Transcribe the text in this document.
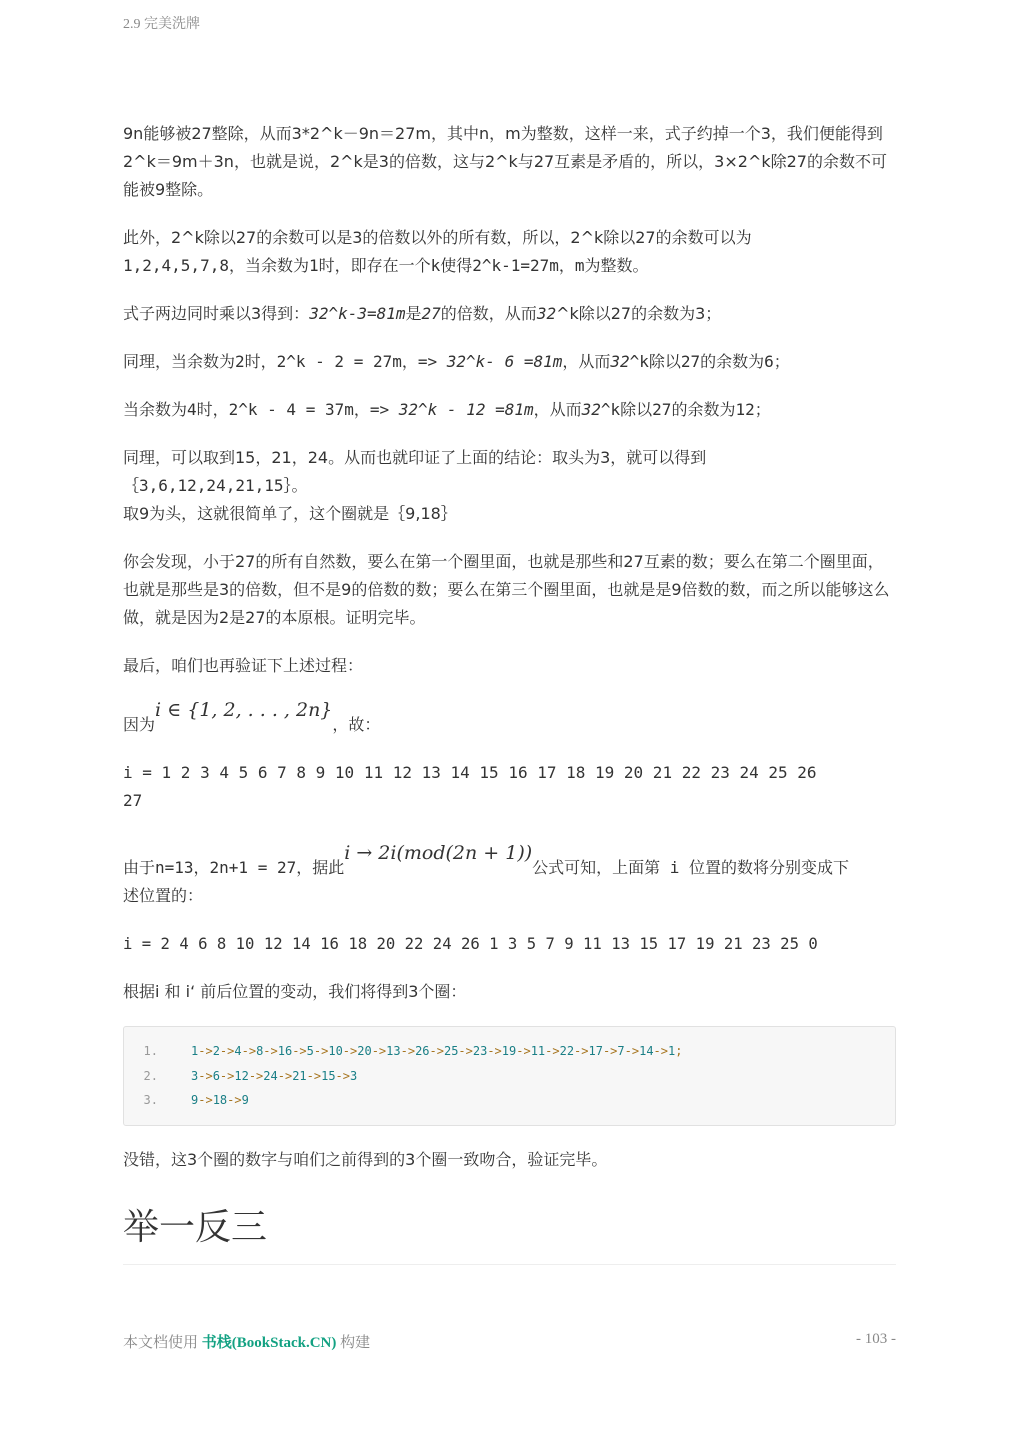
2.9 完美洗牌

9n能够被27整除，从而3*2^k－9n＝27m，其中n，m为整数，这样一来，式子约掉一个3，我们便能得到2^k＝9m＋3n，也就是说，2^k是3的倍数，这与2^k与27互素是矛盾的，所以，3×2^k除27的余数不可能被9整除。

此外，2^k除以27的余数可以是3的倍数以外的所有数，所以，2^k除以27的余数可以为
1,2,4,5,7,8，当余数为1时，即存在一个k使得2^k-1=27m，m为整数。

式子两边同时乘以3得到：32^k-3=81m是27的倍数，从而32^k除以27的余数为3；

同理，当余数为2时，2^k - 2 = 27m，=> 32^k- 6 =81m，从而32^k除以27的余数为6；

当余数为4时，2^k - 4 = 37m，=> 32^k - 12 =81m，从而32^k除以27的余数为12；

同理，可以取到15，21，24。从而也就印证了上面的结论：取头为3，就可以得到
｛3,6,12,24,21,15｝。
取9为头，这就很简单了，这个圈就是｛9,18｝

你会发现，小于27的所有自然数，要么在第一个圈里面，也就是那些和27互素的数；要么在第二个圈里面，也就是那些是3的倍数，但不是9的倍数的数；要么在第三个圈里面，也就是是9倍数的数，而之所以能够这么做，就是因为2是27的本原根。证明完毕。

最后，咱们也再验证下上述过程：

因为i ∈ {1, 2, . . . , 2n}，故：

i = 1 2 3 4 5 6 7 8 9 10 11 12 13 14 15 16 17 18 19 20 21 22 23 24 25 26
27

由于n=13，2n+1 = 27，据此i → 2i(mod(2n + 1))公式可知，上面第 i 位置的数将分别变成下
述位置的：

i = 2 4 6 8 10 12 14 16 18 20 22 24 26 1 3 5 7 9 11 13 15 17 19 21 23 25 0

根据i 和 i‘ 前后位置的变动，我们将得到3个圈：

1.	1->2->4->8->16->5->10->20->13->26->25->23->19->11->22->17->7->14->1;
2.	3->6->12->24->21->15->3
3.	9->18->9

没错，这3个圈的数字与咱们之前得到的3个圈一致吻合，验证完毕。

举一反三
本文档使用 书栈(BookStack.CN) 构建	- 103 -
